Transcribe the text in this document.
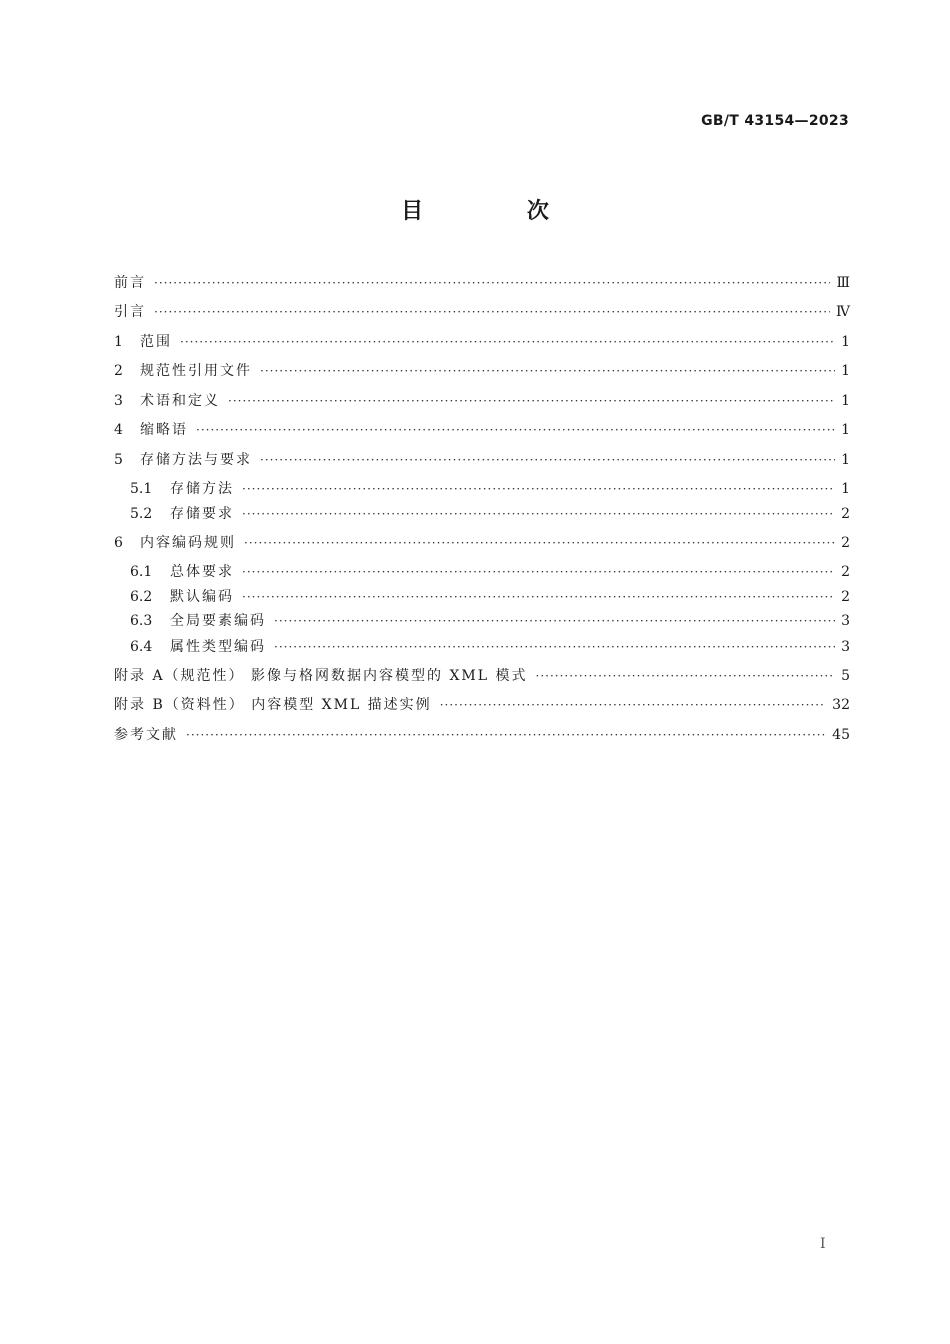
GB/T 43154—2023
目 次
前言 ·····	Ⅲ
引言 ·····	Ⅳ
1	范围 ·····	1
2	规范性引用文件 ·····	1
3	术语和定义 ·····	1
4	缩略语 ·····	1
5	存储方法与要求 ·····	1
5.1	存储方法 ·····	1
5.2	存储要求 ·····	2
6	内容编码规则 ·····	2
6.1	总体要求 ·····	2
6.2	默认编码 ·····	2
6.3	全局要素编码 ·····	3
6.4	属性类型编码 ·····	3
附录 A（规范性） 影像与格网数据内容模型的 XML 模式 ·····	5
附录 B（资料性） 内容模型 XML 描述实例 ·····	32
参考文献 ·····	45
Ⅰ
